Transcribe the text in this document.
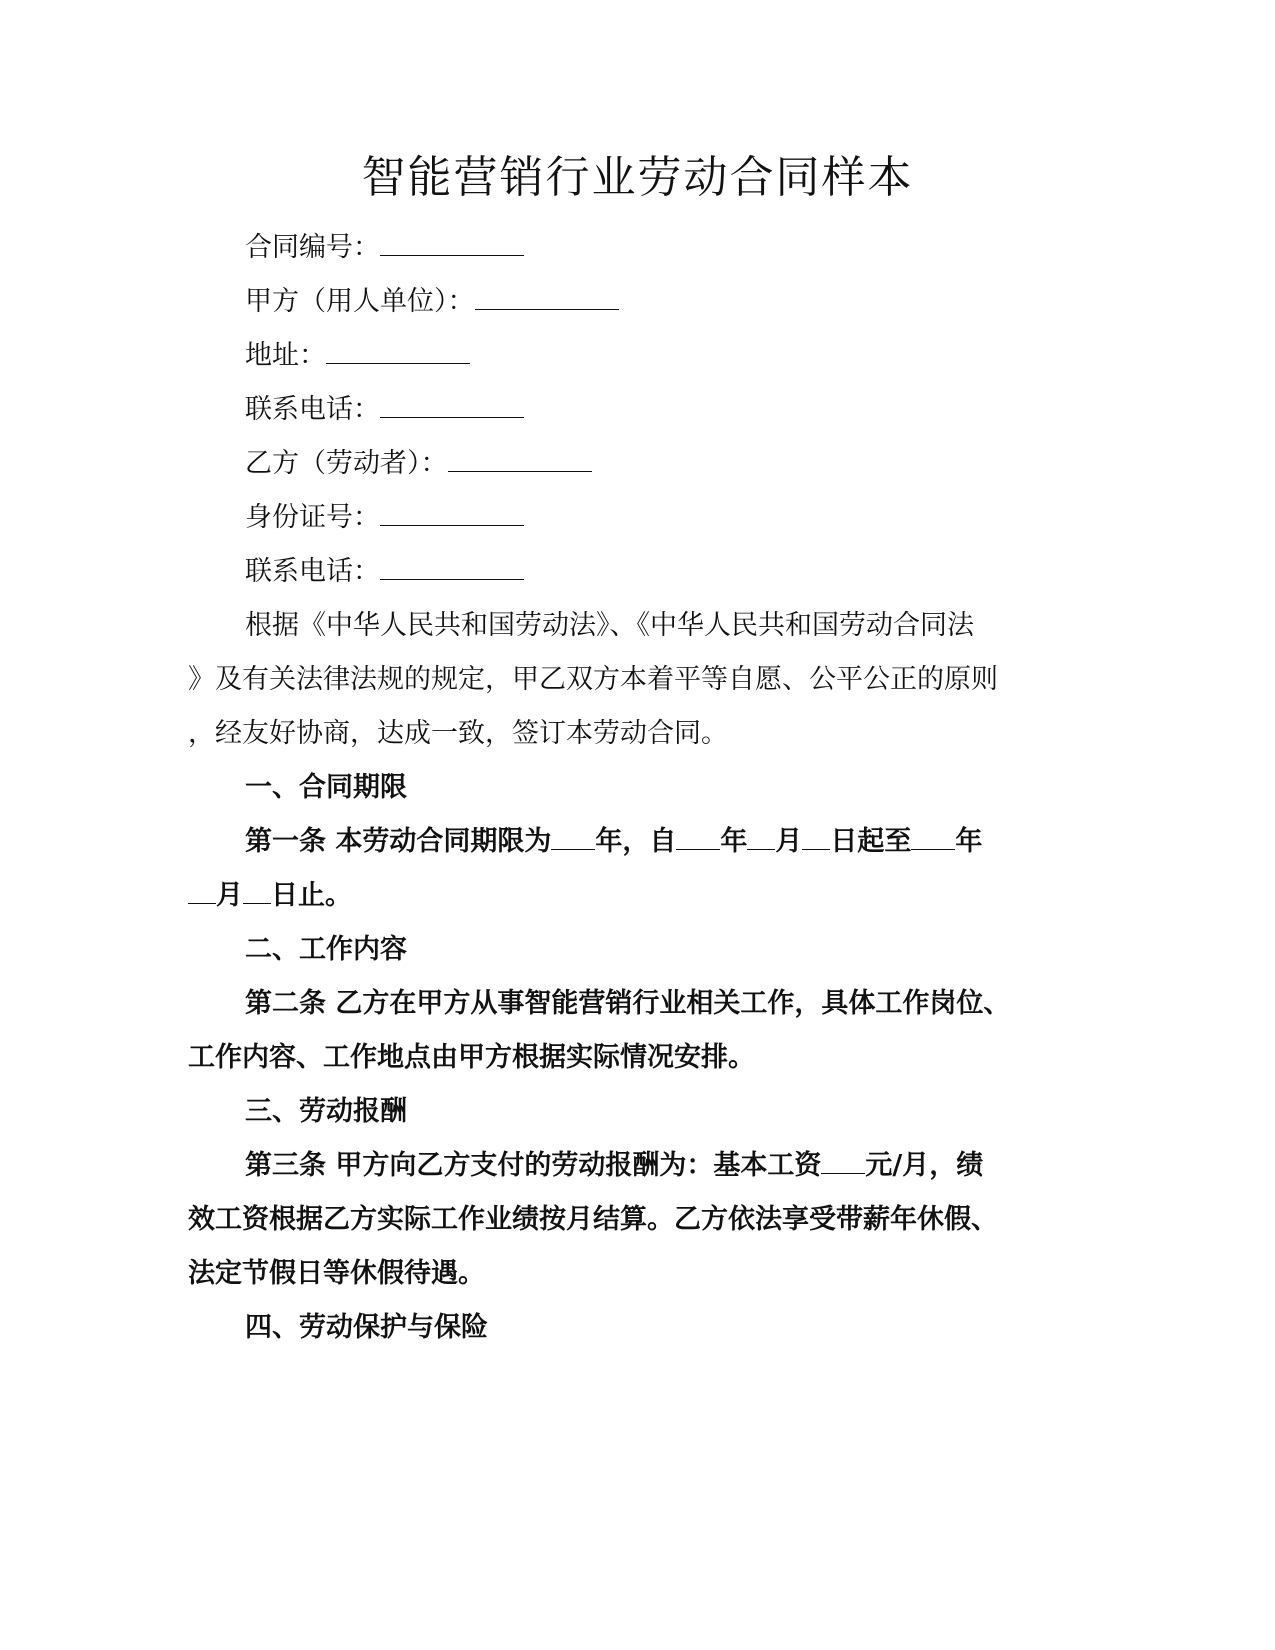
智能营销行业劳动合同样本
合同编号：
甲方（用人单位）：
地址：
联系电话：
乙方（劳动者）：
身份证号：
联系电话：
根据《中华人民共和国劳动法》、《中华人民共和国劳动合同法
》及有关法律法规的规定，甲乙双方本着平等自愿、公平公正的原则
，经友好协商，达成一致，签订本劳动合同。
一、合同期限
第一条 本劳动合同期限为 年，自 年 月 日起至 年
月 日止。
二、工作内容
第二条 乙方在甲方从事智能营销行业相关工作，具体工作岗位、
工作内容、工作地点由甲方根据实际情况安排。
三、劳动报酬
第三条 甲方向乙方支付的劳动报酬为：基本工资 元/月，绩
效工资根据乙方实际工作业绩按月结算。乙方依法享受带薪年休假、
法定节假日等休假待遇。
四、劳动保护与保险
